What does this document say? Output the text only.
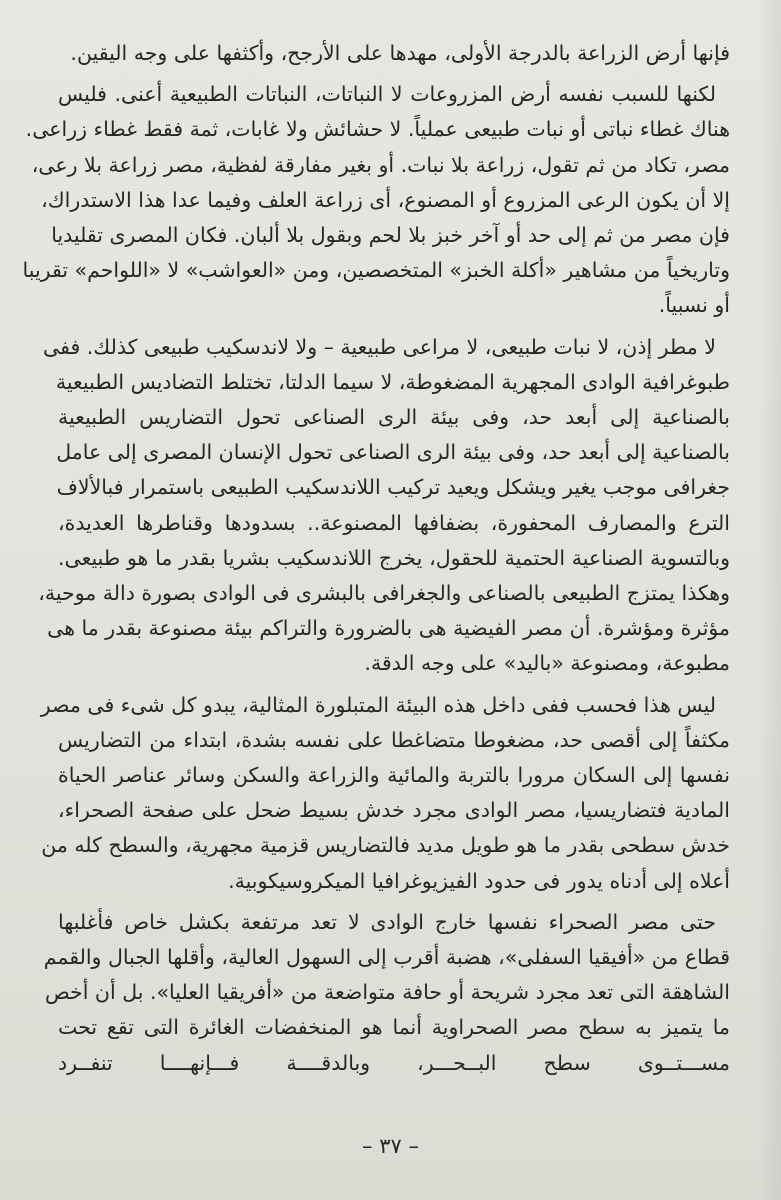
فإنها أرض الزراعة بالدرجة الأولى، مهدها على الأرجح، وأكثفها على وجه اليقين.
لكنها للسبب نفسه أرض المزروعات لا النباتات، النباتات الطبيعية أعنى. فليس
هناك غطاء نباتى أو نبات طبيعى عملياً. لا حشائش ولا غابات، ثمة فقط غطاء زراعى.
مصر، تكاد من ثم تقول، زراعة بلا نبات. أو بغير مفارقة لفظية، مصر زراعة بلا رعى،
إلا أن يكون الرعى المزروع أو المصنوع، أى زراعة العلف وفيما عدا هذا الاستدراك،
فإن مصر من ثم إلى حد أو آخر خبز بلا لحم وبقول بلا ألبان. فكان المصرى تقليديا
وتاريخياً من مشاهير «أكلة الخبز» المتخصصين، ومن «العواشب» لا «اللواحم» تقريبا
أو نسبياً.
لا مطر إذن، لا نبات طبيعى، لا مراعى طبيعية – ولا لاندسكيب طبيعى كذلك. ففى
طبوغرافية الوادى المجهرية المضغوطة، لا سيما الدلتا، تختلط التضاديس الطبيعية
بالصناعية إلى أبعد حد، وفى بيئة الرى الصناعى تحول التضاريس الطبيعية
بالصناعية إلى أبعد حد، وفى بيئة الرى الصناعى تحول الإنسان المصرى إلى عامل
جغرافى موجب يغير ويشكل ويعيد تركيب اللاندسكيب الطبيعى باستمرار فبالألاف
الترع والمصارف المحفورة، بضفافها المصنوعة.. بسدودها وقناطرها العديدة،
وبالتسوية الصناعية الحتمية للحقول، يخرج اللاندسكيب بشريا بقدر ما هو طبيعى.
وهكذا يمتزج الطبيعى بالصناعى والجغرافى بالبشرى فى الوادى بصورة دالة موحية،
مؤثرة ومؤشرة. أن مصر الفيضية هى بالضرورة والتراكم بيئة مصنوعة بقدر ما هى
مطبوعة، ومصنوعة «باليد» على وجه الدقة.
ليس هذا فحسب ففى داخل هذه البيئة المتبلورة المثالية، يبدو كل شىء فى مصر
مكثفاً إلى أقصى حد، مضغوطا متضاغطا على نفسه بشدة، ابتداء من التضاريس
نفسها إلى السكان مرورا بالتربة والمائية والزراعة والسكن وسائر عناصر الحياة
المادية فتضاريسيا، مصر الوادى مجرد خدش بسيط ضحل على صفحة الصحراء،
خدش سطحى بقدر ما هو طويل مديد فالتضاريس قزمية مجهرية، والسطح كله من
أعلاه إلى أدناه يدور فى حدود الفيزيوغرافيا الميكروسيكوبية.
حتى مصر الصحراء نفسها خارج الوادى لا تعد مرتفعة بكشل خاص فأغلبها
قطاع من «أفيقيا السفلى»، هضبة أقرب إلى السهول العالية، وأقلها الجبال والقمم
الشاهقة التى تعد مجرد شريحة أو حافة متواضعة من «أفريقيا العليا». بل أن أخص
ما يتميز به سطح مصر الصحراوية أنما هو المنخفضات الغائرة التى تقع تحت
مســـتــوى سطح البــحـــر، وبالدقــــة فـــإنهــــا تنفــرد
– ٣٧ –
